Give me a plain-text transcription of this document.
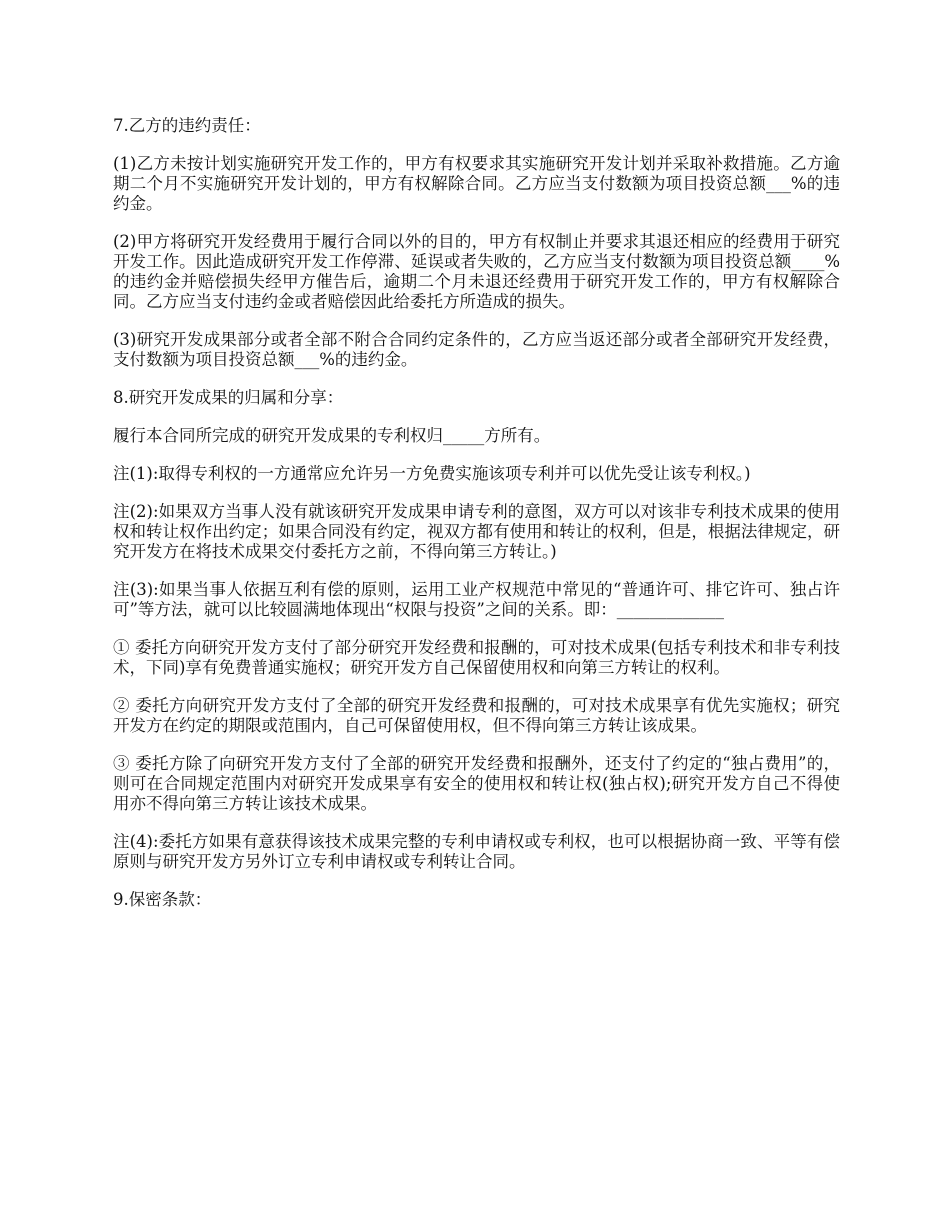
7.乙方的违约责任：

(1)乙方未按计划实施研究开发工作的，甲方有权要求其实施研究开发计划并采取补救措施。乙方逾期二个月不实施研究开发计划的，甲方有权解除合同。乙方应当支付数额为项目投资总额___%的违约金。

(2)甲方将研究开发经费用于履行合同以外的目的，甲方有权制止并要求其退还相应的经费用于研究开发工作。因此造成研究开发工作停滞、延误或者失败的，乙方应当支付数额为项目投资总额____%的违约金并赔偿损失经甲方催告后，逾期二个月未退还经费用于研究开发工作的，甲方有权解除合同。乙方应当支付违约金或者赔偿因此给委托方所造成的损失。

(3)研究开发成果部分或者全部不附合合同约定条件的，乙方应当返还部分或者全部研究开发经费，支付数额为项目投资总额___%的违约金。

8.研究开发成果的归属和分享：

履行本合同所完成的研究开发成果的专利权归_____方所有。

注(1):取得专利权的一方通常应允许另一方免费实施该项专利并可以优先受让该专利权。)

注(2):如果双方当事人没有就该研究开发成果申请专利的意图，双方可以对该非专利技术成果的使用权和转让权作出约定；如果合同没有约定，视双方都有使用和转让的权利，但是，根据法律规定，研究开发方在将技术成果交付委托方之前，不得向第三方转让。)

注(3):如果当事人依据互利有偿的原则，运用工业产权规范中常见的“普通许可、排它许可、独占许可”等方法，就可以比较圆满地体现出“权限与投资”之间的关系。即：_____________

① 委托方向研究开发方支付了部分研究开发经费和报酬的，可对技术成果(包括专利技术和非专利技术，下同)享有免费普通实施权；研究开发方自己保留使用权和向第三方转让的权利。

② 委托方向研究开发方支付了全部的研究开发经费和报酬的，可对技术成果享有优先实施权；研究开发方在约定的期限或范围内，自己可保留使用权，但不得向第三方转让该成果。

③ 委托方除了向研究开发方支付了全部的研究开发经费和报酬外，还支付了约定的“独占费用”的，则可在合同规定范围内对研究开发成果享有安全的使用权和转让权(独占权);研究开发方自己不得使用亦不得向第三方转让该技术成果。

注(4):委托方如果有意获得该技术成果完整的专利申请权或专利权，也可以根据协商一致、平等有偿原则与研究开发方另外订立专利申请权或专利转让合同。

9.保密条款：
